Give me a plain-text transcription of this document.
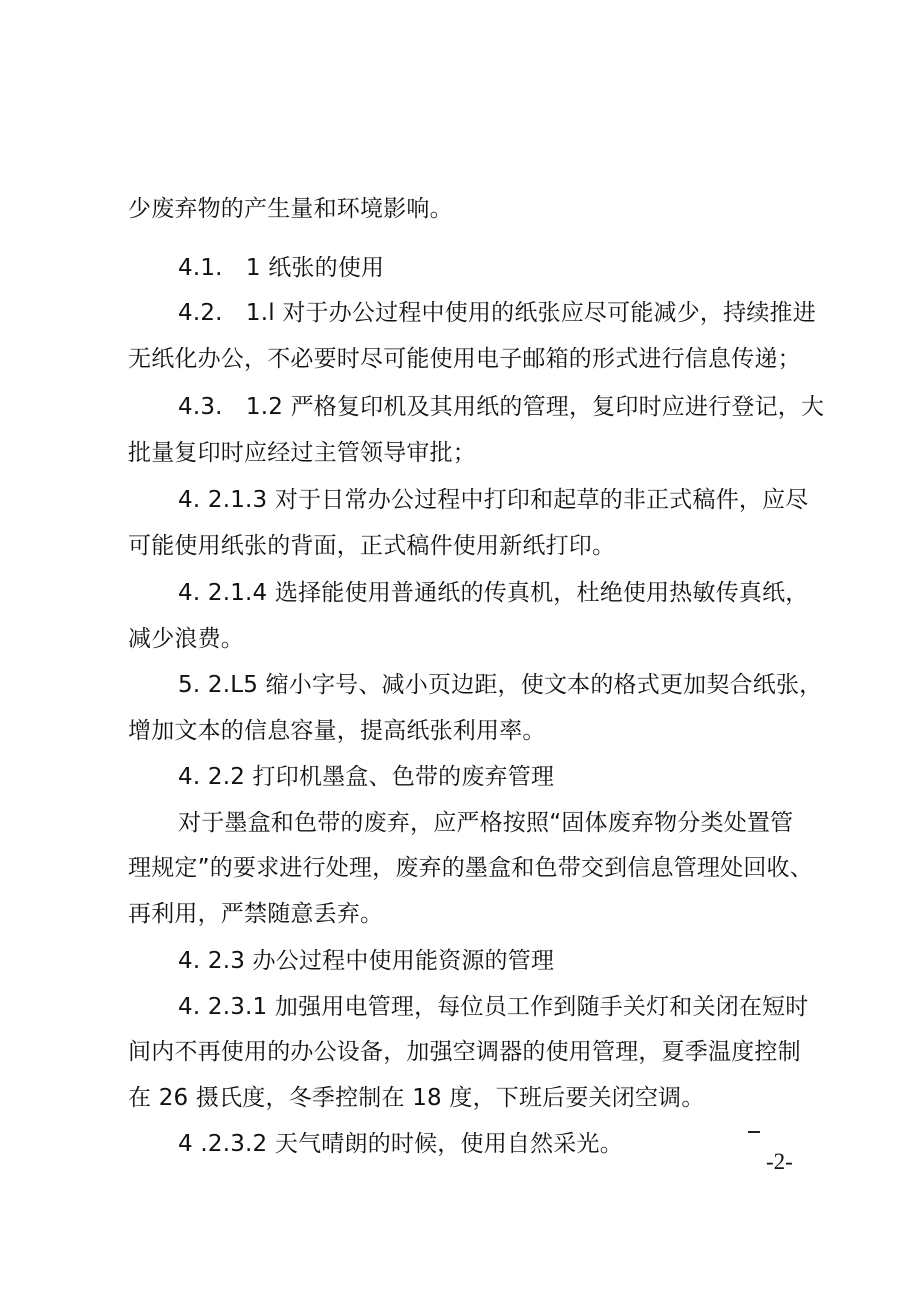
少废弃物的产生量和环境影响。
4.1.　1 纸张的使用
4.2.　1.l 对于办公过程中使用的纸张应尽可能减少，持续推进
无纸化办公，不必要时尽可能使用电子邮箱的形式进行信息传递；
4.3.　1.2 严格复印机及其用纸的管理，复印时应进行登记，大
批量复印时应经过主管领导审批；
4. 2.1.3 对于日常办公过程中打印和起草的非正式稿件，应尽
可能使用纸张的背面，正式稿件使用新纸打印。
4. 2.1.4 选择能使用普通纸的传真机，杜绝使用热敏传真纸，
减少浪费。
5. 2.L5 缩小字号、减小页边距，使文本的格式更加契合纸张，
增加文本的信息容量，提高纸张利用率。
4. 2.2 打印机墨盒、色带的废弃管理
对于墨盒和色带的废弃，应严格按照“固体废弃物分类处置管
理规定”的要求进行处理，废弃的墨盒和色带交到信息管理处回收、
再利用，严禁随意丢弃。
4. 2.3 办公过程中使用能资源的管理
4. 2.3.1 加强用电管理，每位员工作到随手关灯和关闭在短时
间内不再使用的办公设备，加强空调器的使用管理，夏季温度控制
在 26 摄氏度，冬季控制在 18 度，下班后要关闭空调。
4 .2.3.2 天气晴朗的时候，使用自然采光。
-2-
